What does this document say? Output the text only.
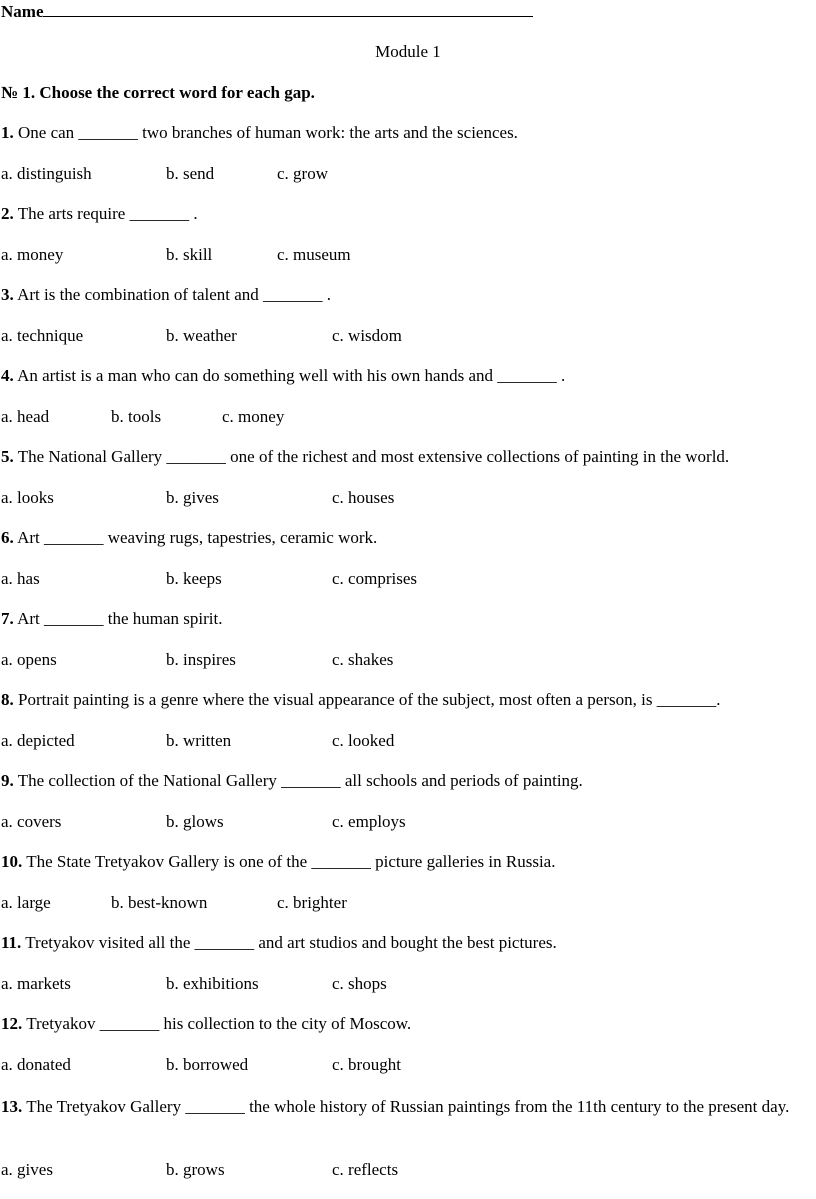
Name
Module 1
№ 1. Choose the correct word for each gap.
1. One can _______ two branches of human work: the arts and the sciences.
a. distinguish	b. send	c. grow
2. The arts require _______ .
a. money	b. skill	c. museum
3. Art is the combination of talent and _______ .
a. technique	b. weather	c. wisdom
4. An artist is a man who can do something well with his own hands and _______ .
a. head	b. tools	c. money
5. The National Gallery _______ one of the richest and most extensive collections of painting in the world.
a. looks	b. gives	c. houses
6. Art _______ weaving rugs, tapestries, ceramic work.
a. has	b. keeps	c. comprises
7. Art _______ the human spirit.
a. opens	b. inspires	c. shakes
8. Portrait painting is a genre where the visual appearance of the subject, most often a person, is _______.
a. depicted	b. written	c. looked
9. The collection of the National Gallery _______ all schools and periods of painting.
a. covers	b. glows	c. employs
10. The State Tretyakov Gallery is one of the _______ picture galleries in Russia.
a. large	b. best-known	c. brighter
11. Tretyakov visited all the _______ and art studios and bought the best pictures.
a. markets	b. exhibitions	c. shops
12. Tretyakov _______ his collection to the city of Moscow.
a. donated	b. borrowed	c. brought
13. The Tretyakov Gallery _______ the whole history of Russian paintings from the 11th century to the present day.
a. gives	b. grows	c. reflects
